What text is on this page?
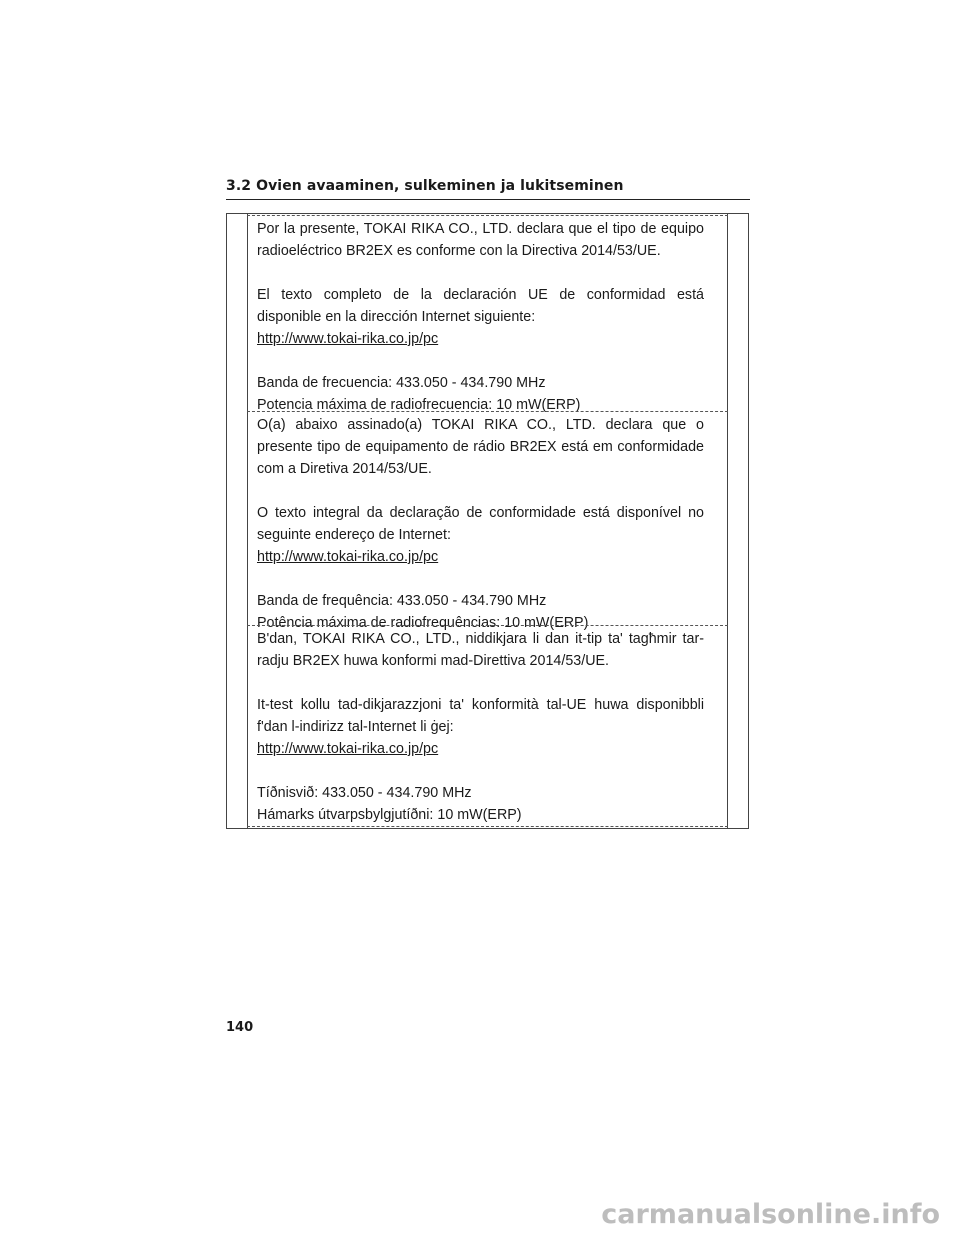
3.2 Ovien avaaminen, sulkeminen ja lukitseminen

Por la presente, TOKAI RIKA CO., LTD. declara que el tipo de equipo radioeléctrico BR2EX es conforme con la Directiva 2014/53/UE.

El texto completo de la declaración UE de conformidad está disponible en la dirección Internet siguiente:

http://www.tokai-rika.co.jp/pc

Banda de frecuencia: 433.050 - 434.790 MHz

Potencia máxima de radiofrecuencia: 10 mW(ERP)

O(a) abaixo assinado(a) TOKAI RIKA CO., LTD. declara que o presente tipo de equipamento de rádio BR2EX está em conformidade com a Diretiva 2014/53/UE.

O texto integral da declaração de conformidade está disponível no seguinte endereço de Internet:

http://www.tokai-rika.co.jp/pc

Banda de frequência: 433.050 - 434.790 MHz

Potência máxima de radiofrequências: 10 mW(ERP)

B'dan, TOKAI RIKA CO., LTD., niddikjara li dan it-tip ta' tagħmir tar-radju BR2EX huwa konformi mad-Direttiva 2014/53/UE.

It-test kollu tad-dikjarazzjoni ta' konformità tal-UE huwa disponibbli f'dan l-indirizz tal-Internet li ġej:

http://www.tokai-rika.co.jp/pc

Tíðnisvið: 433.050 - 434.790 MHz

Hámarks útvarpsbylgjutíðni: 10 mW(ERP)

140
carmanualsonline.info
